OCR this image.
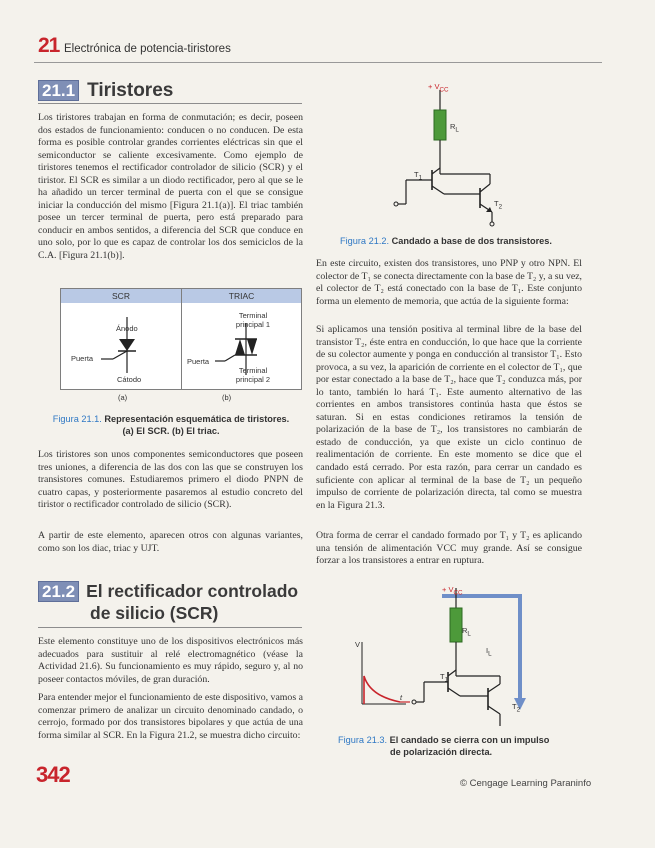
21 Electrónica de potencia-tiristores
21.1 Tiristores

Los tiristores trabajan en forma de conmutación; es decir, poseen dos estados de funcionamiento: conducen o no conducen. De esta forma es posible controlar grandes corrientes eléctricas sin que el semiconductor se caliente excesivamente. Como ejemplo de tiristores tenemos el rectificador controlador de silicio (SCR) y el tiristor. El SCR es similar a un diodo rectificador, pero al que se le ha añadido un tercer terminal de puerta con el que se consigue iniciar la conducción del mismo [Figura 21.1(a)]. El triac también posee un tercer terminal de puerta, pero está preparado para conducir en ambos sentidos, a diferencia del SCR que conduce en uno solo, por lo que es capaz de controlar los dos semiciclos de la C.A. [Figura 21.1(b)].

SCR	TRIAC
Ánodo
Cátodo
Puerta	Puerta
Terminal
principal 1
Terminal
principal 2
(a)	(b)
Figura 21.1. Representación esquemática de tiristores.
(a) El SCR. (b) El triac.

Los tiristores son unos componentes semiconductores que poseen tres uniones, a diferencia de las dos con las que se construyen los transistores comunes. Estudiaremos primero el diodo PNPN de cuatro capas, y posteriormente pasaremos al estudio concreto del tiristor o rectificador controlado de silicio (SCR).

A partir de este elemento, aparecen otros con algunas variantes, como son los diac, triac y UJT.

21.2 El rectificador controlado
de silicio (SCR)

Este elemento constituye uno de los dispositivos electrónicos más adecuados para sustituir al relé electromagnético (véase la Actividad 21.6). Su funcionamiento es muy rápido, seguro y, al no poseer contactos móviles, de gran duración.

Para entender mejor el funcionamiento de este dispositivo, vamos a comenzar primero de analizar un circuito denominado candado, o cerrojo, formado por dos transistores bipolares y que actúa de una forma similar al SCR. En la Figura 21.2, se muestra dicho circuito:

+ $V_{CC}$
$R_L$
$T_1$
$T_2$
Figura 21.2. Candado a base de dos transistores.

En este circuito, existen dos transistores, uno PNP y otro NPN. El colector de T₁ se conecta directamente con la base de T₂ y, a su vez, el colector de T₂ está conectado con la base de T₁. Este conjunto forma un elemento de memoria, que actúa de la siguiente forma:

Si aplicamos una tensión positiva al terminal libre de la base del transistor T₂, éste entra en conducción, lo que hace que la corriente de su colector aumente y ponga en conducción al transistor T₁. Esto provoca, a su vez, la aparición de corriente en el colector de T₁, que por estar conectado a la base de T₂, hace que T₂ conduzca más, por lo tanto, también lo hará T₁. Este aumento alternativo de las corrientes en ambos transistores continúa hasta que éstos se saturan. Si en estas condiciones retiramos la tensión de polarización de la base de T₂, los transistores no cambiarán de estado de conducción, ya que existe un ciclo continuo de realimentación de corriente. En este momento se dice que el candado está cerrado. Por esta razón, para cerrar un candado es suficiente con aplicar al terminal de la base de T₂ un pequeño impulso de corriente de polarización directa, tal como se muestra en la Figura 21.3.

Otra forma de cerrar el candado formado por T₁ y T₂ es aplicando una tensión de alimentación VCC muy grande. Así se consigue forzar a los transistores a entrar en ruptura.

+ $V_{CC}$
$R_L$
$I_L$
V
t
$T_1$
$T_2$
Figura 21.3. El candado se cierra con un impulso
de polarización directa.
342	© Cengage Learning Paraninfo
